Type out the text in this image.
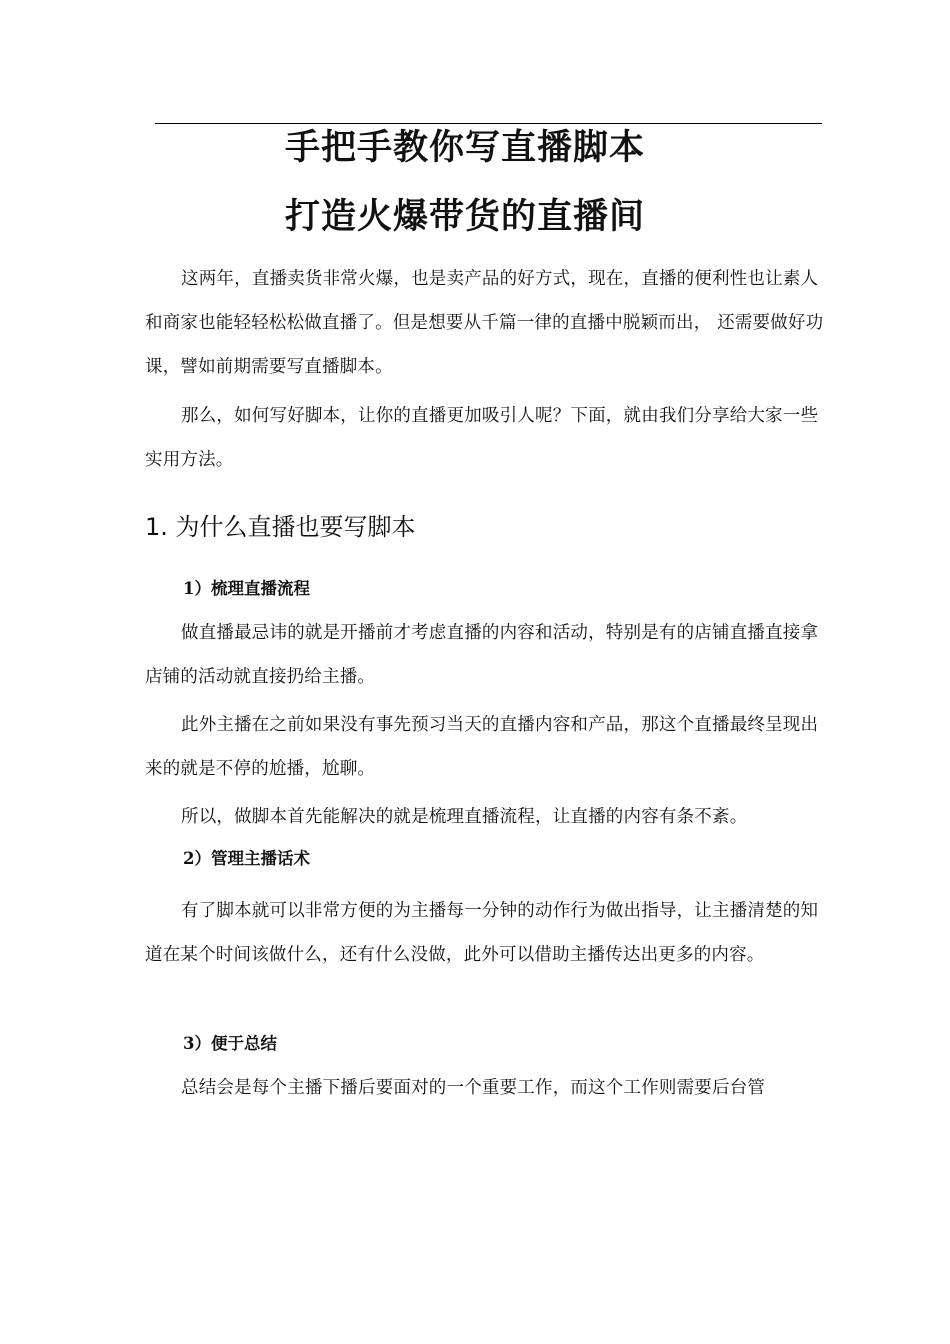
手把手教你写直播脚本
打造火爆带货的直播间

这两年，直播卖货非常火爆，也是卖产品的好方式，现在，直播的便利性也让素人和商家也能轻轻松松做直播了。但是想要从千篇一律的直播中脱颖而出， 还需要做好功课，譬如前期需要写直播脚本。

那么，如何写好脚本，让你的直播更加吸引人呢？下面，就由我们分享给大家一些实用方法。

1. 为什么直播也要写脚本
1）梳理直播流程

做直播最忌讳的就是开播前才考虑直播的内容和活动，特别是有的店铺直播直接拿店铺的活动就直接扔给主播。

此外主播在之前如果没有事先预习当天的直播内容和产品，那这个直播最终呈现出来的就是不停的尬播，尬聊。

所以，做脚本首先能解决的就是梳理直播流程，让直播的内容有条不紊。

2）管理主播话术

有了脚本就可以非常方便的为主播每一分钟的动作行为做出指导，让主播清楚的知道在某个时间该做什么，还有什么没做，此外可以借助主播传达出更多的内容。

3）便于总结

总结会是每个主播下播后要面对的一个重要工作，而这个工作则需要后台管
